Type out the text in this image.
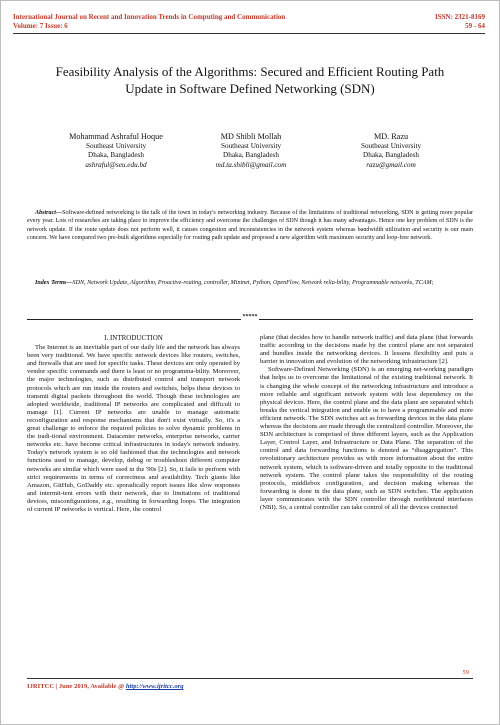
International Journal on Recent and Innovation Trends in Computing and Communication
Volume: 7 Issue: 6
ISSN: 2321-8169
59 - 64
Feasibility Analysis of the Algorithms: Secured and Efficient Routing Path
Update in Software Defined Networking (SDN)
Mohammad Ashraful Hoque
Southeast University
Dhaka, Bangladesh
ashraful@seu.edu.bd
MD Shibli Mollah
Southeast University
Dhaka, Bangladesh
md.ta.shibli@gmail.com
MD. Razu
Southeast University
Dhaka, Bangladesh
razu@gmail.com
Abstract—Software-defined networking is the talk of the town in today's networking industry. Because of the limitations of traditional networking, SDN is getting more popular every year. Lots of researches are taking place to improve the efficiency and overcome the challenges of SDN though it has many advantages. Hence one key problem of SDN is the network update. If the route update does not perform well, it causes congestion and inconsistencies in the network system whereas bandwidth utilization and security is our main concern. We have compared two pre-built algorithms especially for routing path update and proposed a new algorithm with maximum security and loop-free network.
Index Terms—SDN, Network Update, Algorithm, Proactive-routing, controller, Mininet, Python, OpenFlow, Network relia-bility, Programmable networks, TCAM;
*****
I. INTRODUCTION

The Internet is an inevitable part of our daily life and the network has always been very traditional. We have specific network devices like routers, switches, and firewalls that are used for specific tasks. These devices are only operated by vendor specific commands and there is least or no programma-bility. Moreover, the major technologies, such as distributed control and transport network protocols which are run inside the routers and switches, helps these devices to transmit digital packets throughout the world. Though these technologies are adopted worldwide, traditional IP networks are complicated and difficult to manage [1]. Current IP networks are unable to manage automatic reconfiguration and response mechanisms that don't exist virtually. So, it's a great challenge to enforce the required policies to solve dynamic problems in the tradi-tional environment. Datacenter networks, enterprise networks, carrier networks etc. have become critical infrastructures in today's network industry. Today's network system is so old fashioned that the technologies and network functions used to manage, develop, debug or troubleshoot different computer networks are similar which were used in the '90s [2]. So, it fails to perform with strict requirements in terms of correctness and availability. Tech giants like Amazon, GitHub, GoDaddy etc. sporadically report issues like slow responses and intermit-tent errors with their network, due to limitations of traditional devices, misconfigurations, e.g., resulting in forwarding loops. The integration of current IP networks is vertical. Here, the control

plane (that decides how to handle network traffic) and data plane (that forwards traffic according to the decisions made by the control plane are not separated and bundles inside the networking devices. It lessens flexibility and puts a barrier in innovation and evolution of the networking infrastructure [2].

Software-Defined Networking (SDN) is an emerging net-working paradigm that helps us to overcome the limitational of the existing traditional network. It is changing the whole concept of the networking infrastructure and introduce a more reliable and significant network system with less dependency on the physical devices. Here, the control plane and the data plane are separated which breaks the vertical integration and enable us to have a programmable and more efficient network. The SDN switches act as forwarding devices in the data plane whereas the decisions are made through the centralized controller. Moreover, the SDN architecture is comprised of three different layers, such as the Application Layer, Control Layer, and Infrastructure or Data Plane. The separation of the control and data forwarding functions is denoted as “disaggregation”. This revolutionary architecture provides us with more information about the entire network system, which is software-driven and totally opposite to the traditional network system. The control plane takes the responsibility of the routing protocols, middlebox configuration, and decision making whereas the forwarding is done in the data plane, such as SDN switches. The application layer communicates with the SDN controller through northbound interfaces (NBI). So, a central controller can take control of all the devices connected

59
IJRITCC | June 2019, Available @ http://www.ijritcc.org
